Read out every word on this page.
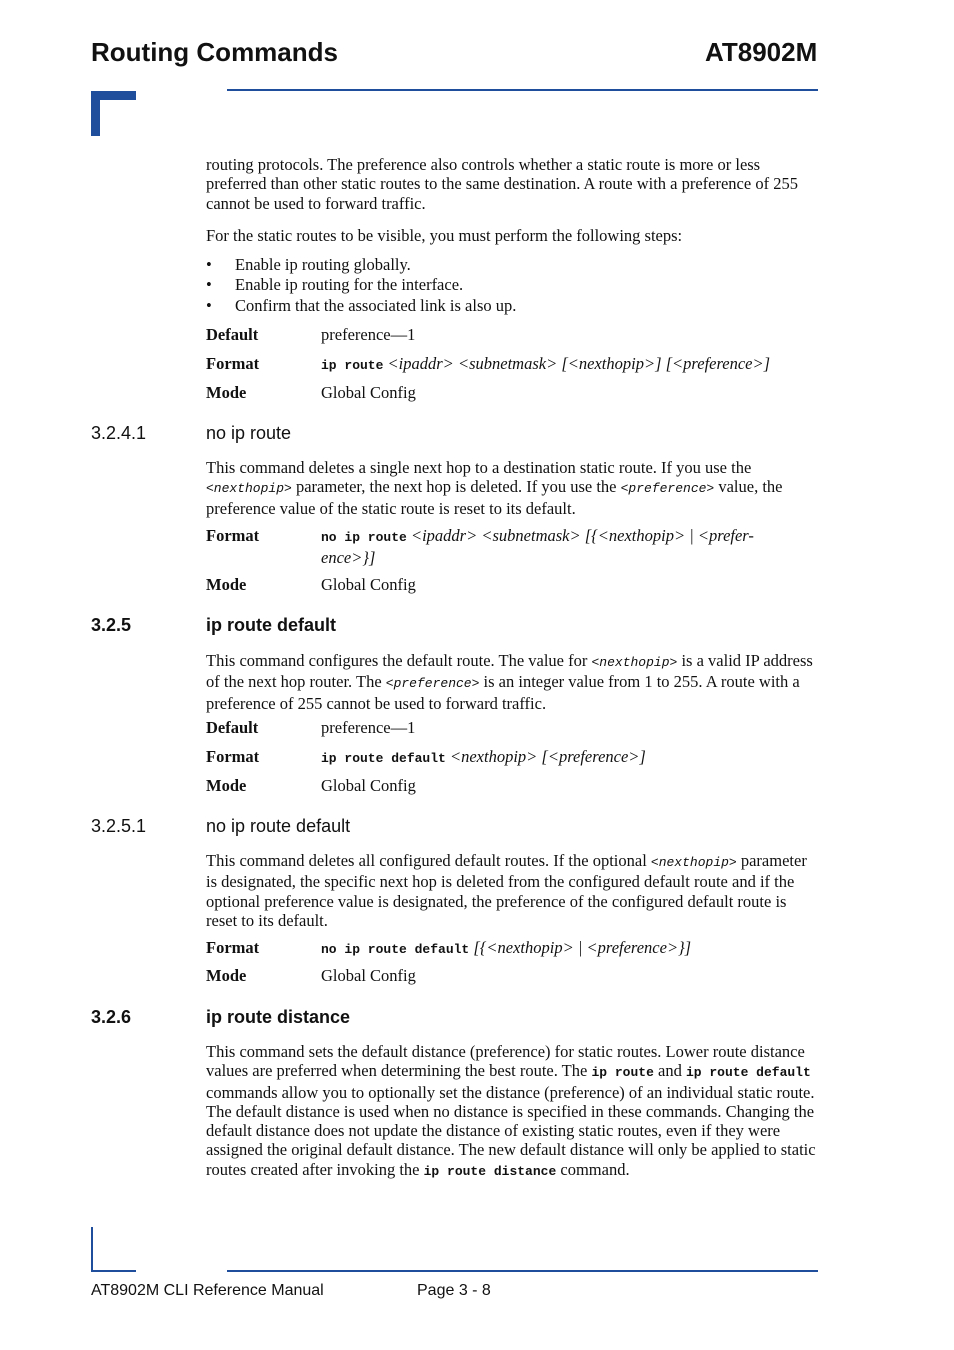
Routing Commands	AT8902M
routing protocols. The preference also controls whether a static route is more or less preferred than other static routes to the same destination. A route with a preference of 255 cannot be used to forward traffic.
For the static routes to be visible, you must perform the following steps:
• Enable ip routing globally.
• Enable ip routing for the interface.
• Confirm that the associated link is also up.
Default	preference—1
Format	ip route <ipaddr> <subnetmask> [<nexthopip>] [<preference>]
Mode	Global Config
3.2.4.1	no ip route
This command deletes a single next hop to a destination static route. If you use the <nexthopip> parameter, the next hop is deleted. If you use the <preference> value, the preference value of the static route is reset to its default.
Format	no ip route <ipaddr> <subnetmask> [{<nexthopip> | <prefer-
ence>}]
Mode	Global Config
3.2.5	ip route default
This command configures the default route. The value for <nexthopip> is a valid IP address of the next hop router. The <preference> is an integer value from 1 to 255. A route with a preference of 255 cannot be used to forward traffic.
Default	preference—1
Format	ip route default <nexthopip> [<preference>]
Mode	Global Config
3.2.5.1	no ip route default
This command deletes all configured default routes. If the optional <nexthopip> parameter is designated, the specific next hop is deleted from the configured default route and if the optional preference value is designated, the preference of the configured default route is reset to its default.
Format	no ip route default [{<nexthopip> | <preference>}]
Mode	Global Config
3.2.6	ip route distance
This command sets the default distance (preference) for static routes. Lower route distance values are preferred when determining the best route. The ip route and ip route default commands allow you to optionally set the distance (preference) of an individual static route. The default distance is used when no distance is specified in these commands. Changing the default distance does not update the distance of existing static routes, even if they were assigned the original default distance. The new default distance will only be applied to static routes created after invoking the ip route distance command.
AT8902M CLI Reference Manual	Page 3 - 8
